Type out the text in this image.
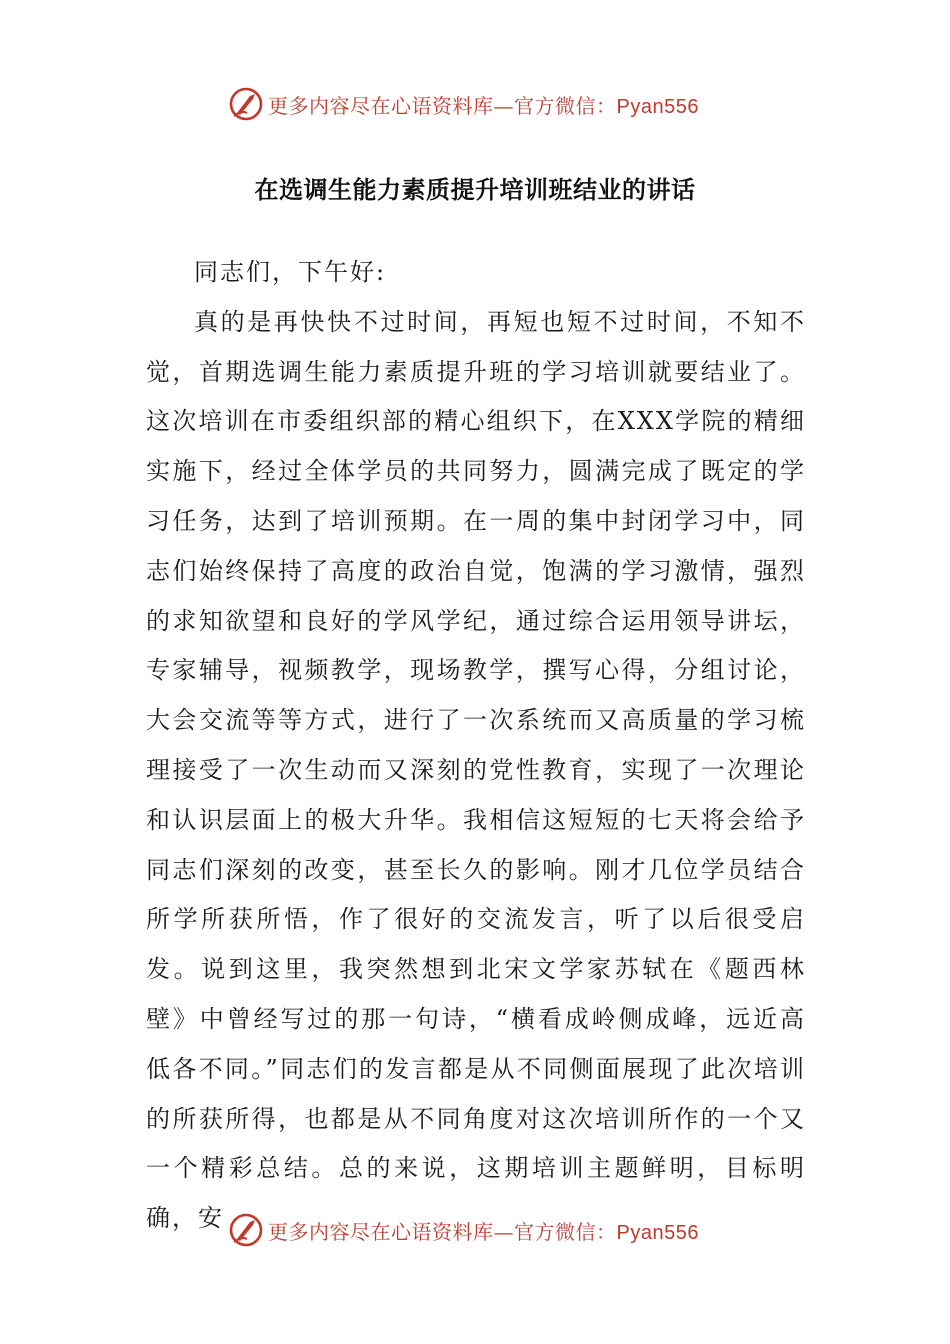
更多内容尽在心语资料库—官方微信：Pyan556
在选调生能力素质提升培训班结业的讲话

同志们，下午好:

真的是再快快不过时间，再短也短不过时间，不知不觉，首期选调生能力素质提升班的学习培训就要结业了。这次培训在市委组织部的精心组织下，在XXX学院的精细实施下，经过全体学员的共同努力，圆满完成了既定的学习任务，达到了培训预期。在一周的集中封闭学习中，同志们始终保持了高度的政治自觉，饱满的学习激情，强烈的求知欲望和良好的学风学纪，通过综合运用领导讲坛，专家辅导，视频教学，现场教学，撰写心得，分组讨论，大会交流等等方式，进行了一次系统而又高质量的学习梳理接受了一次生动而又深刻的党性教育，实现了一次理论和认识层面上的极大升华。我相信这短短的七天将会给予同志们深刻的改变，甚至长久的影响。刚才几位学员结合所学所获所悟，作了很好的交流发言，听了以后很受启发。说到这里，我突然想到北宋文学家苏轼在《题西林壁》中曾经写过的那一句诗，“横看成岭侧成峰，远近高低各不同。”同志们的发言都是从不同侧面展现了此次培训的所获所得，也都是从不同角度对这次培训所作的一个又一个精彩总结。总的来说，这期培训主题鲜明，目标明确，安	更多内容尽在心语资料库—官方微信：Pyan556
